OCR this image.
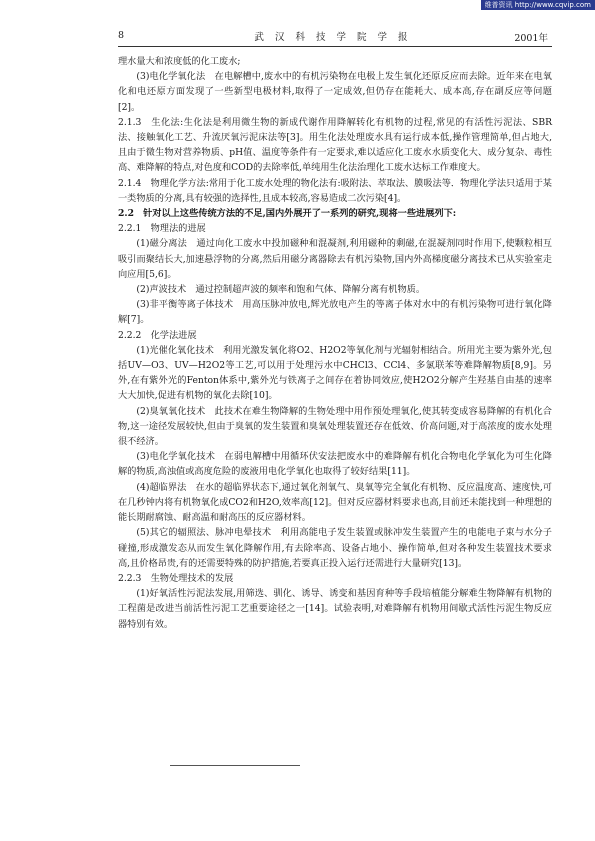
维普资讯 http://www.cqvip.com
8	武 汉 科 技 学 院 学 报	2001年

理水量大和浓度低的化工废水;

(3)电化学氧化法　在电解槽中,废水中的有机污染物在电极上发生氧化还原反应而去除。近年来在电氧化和电还原方面发现了一些新型电极材料,取得了一定成效,但仍存在能耗大、成本高,存在副反应等问题[2]。

2.1.3　生化法:生化法是利用微生物的新成代谢作用降解转化有机物的过程,常见的有活性污泥法、SBR法、接触氧化工艺、升流厌氧污泥床法等[3]。用生化法处理废水具有运行成本低,操作管理简单,但占地大,且由于微生物对营养物质、pH值、温度等条件有一定要求,难以适应化工废水水质变化大、成分复杂、毒性高、难降解的特点,对色度和COD的去除率低,单纯用生化法治理化工废水达标工作难度大。

2.1.4　物理化学方法:常用于化工废水处理的物化法有:吸附法、萃取法、膜吸法等．物理化学法只适用于某一类物质的分离,具有较强的选择性,且成本较高,容易造成二次污染[4]。

2.2　针对以上这些传统方法的不足,国内外展开了一系列的研究,现将一些进展列下:

2.2.1　物理法的进展

(1)磁分离法　通过向化工废水中投加磁种和混凝剂,利用磁种的剩磁,在混凝剂同时作用下,使颗粒相互吸引而聚结长大,加速悬浮物的分离,然后用磁分离器除去有机污染物,国内外高梯度磁分离技术已从实验室走向应用[5,6]。

(2)声波技术　通过控制超声波的频率和饱和气体、降解分离有机物质。

(3)非平衡等离子体技术　用高压脉冲放电,辉光放电产生的等离子体对水中的有机污染物可进行氧化降解[7]。

2.2.2　化学法进展

(1)光催化氧化技术　利用光激发氧化将O2、H2O2等氧化剂与光辐射相结合。所用光主要为紫外光,包括UV—O3、UV—H2O2等工艺,可以用于处理污水中CHCl3、CCl4、多氯联苯等难降解物质[8,9]。另外,在有紫外光的Fenton体系中,紫外光与铁离子之间存在着协同效应,使H2O2分解产生羟基自由基的速率大大加快,促进有机物的氧化去除[10]。

(2)臭氧氧化技术　此技术在难生物降解的生物处理中用作预处理氧化,使其转变成容易降解的有机化合物,这一途径发展较快,但由于臭氧的发生装置和臭氧处理装置还存在低效、价高问题,对于高浓度的废水处理很不经济。

(3)电化学氧化技术　在弱电解槽中用循环伏安法把废水中的难降解有机化合物电化学氧化为可生化降解的物质,高浊值或高度危险的废液用电化学氧化也取得了较好结果[11]。

(4)超临界法　在水的超临界状态下,通过氧化剂氧气、臭氧等完全氧化有机物、反应温度高、速度快,可在几秒钟内将有机物氧化成CO2和H2O,效率高[12]。但对反应器材料要求也高,目前还未能找到一种理想的能长期耐腐蚀、耐高温和耐高压的反应器材料。

(5)其它的辐照法、脉冲电晕技术　利用高能电子发生装置或脉冲发生装置产生的电能电子束与水分子碰撞,形成激发态从而发生氧化降解作用,有去除率高、设备占地小、操作简单,但对各种发生装置技术要求高,且价格昂贵,有的还需要特殊的防护措施,若要真正投入运行还需进行大量研究[13]。

2.2.3　生物处理技术的发展

(1)好氧活性污泥法发展,用筛选、驯化、诱导、诱变和基因育种等手段培植能分解难生物降解有机物的工程菌是改进当前活性污泥工艺重要途径之一[14]。试验表明,对难降解有机物用间歇式活性污泥生物反应器特别有效。
